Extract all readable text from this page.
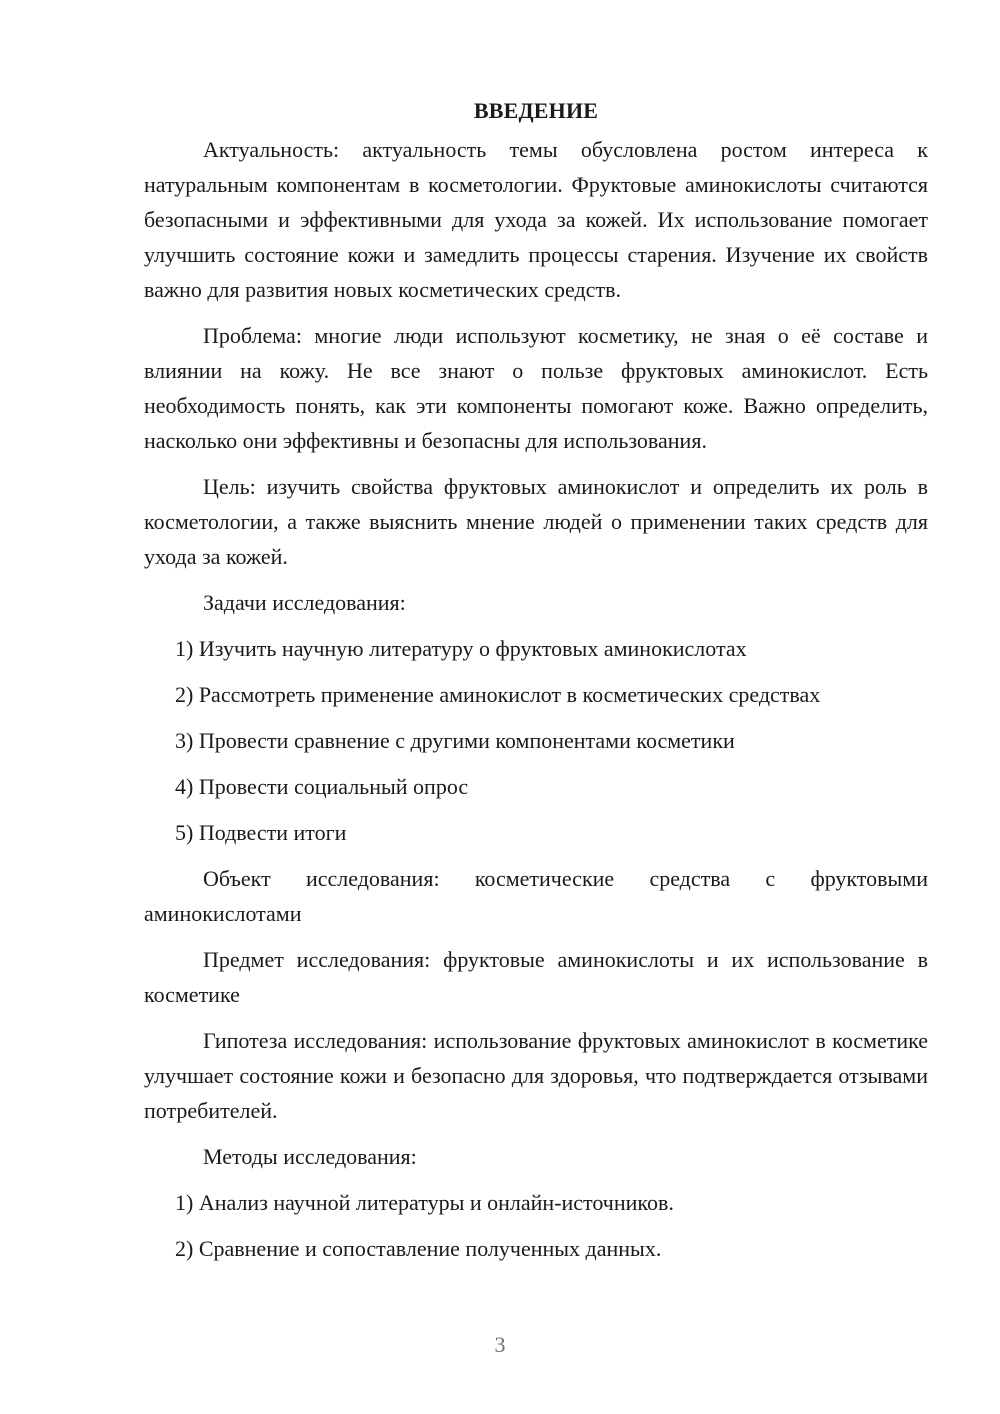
ВВЕДЕНИЕ

Актуальность: актуальность темы обусловлена ростом интереса к натуральным компонентам в косметологии. Фруктовые аминокислоты считаются безопасными и эффективными для ухода за кожей. Их использование помогает улучшить состояние кожи и замедлить процессы старения. Изучение их свойств важно для развития новых косметических средств.

Проблема: многие люди используют косметику, не зная о её составе и влиянии на кожу. Не все знают о пользе фруктовых аминокислот. Есть необходимость понять, как эти компоненты помогают коже. Важно определить, насколько они эффективны и безопасны для использования.

Цель: изучить свойства фруктовых аминокислот и определить их роль в косметологии, а также выяснить мнение людей о применении таких средств для ухода за кожей.

Задачи исследования:

1) Изучить научную литературу о фруктовых аминокислотах

2) Рассмотреть применение аминокислот в косметических средствах

3) Провести сравнение с другими компонентами косметики

4) Провести социальный опрос

5) Подвести итоги

Объект исследования: косметические средства с фруктовыми аминокислотами

Предмет исследования: фруктовые аминокислоты и их использование в косметике

Гипотеза исследования: использование фруктовых аминокислот в косметике улучшает состояние кожи и безопасно для здоровья, что подтверждается отзывами потребителей.

Методы исследования:

1) Анализ научной литературы и онлайн-источников.

2) Сравнение и сопоставление полученных данных.

3
